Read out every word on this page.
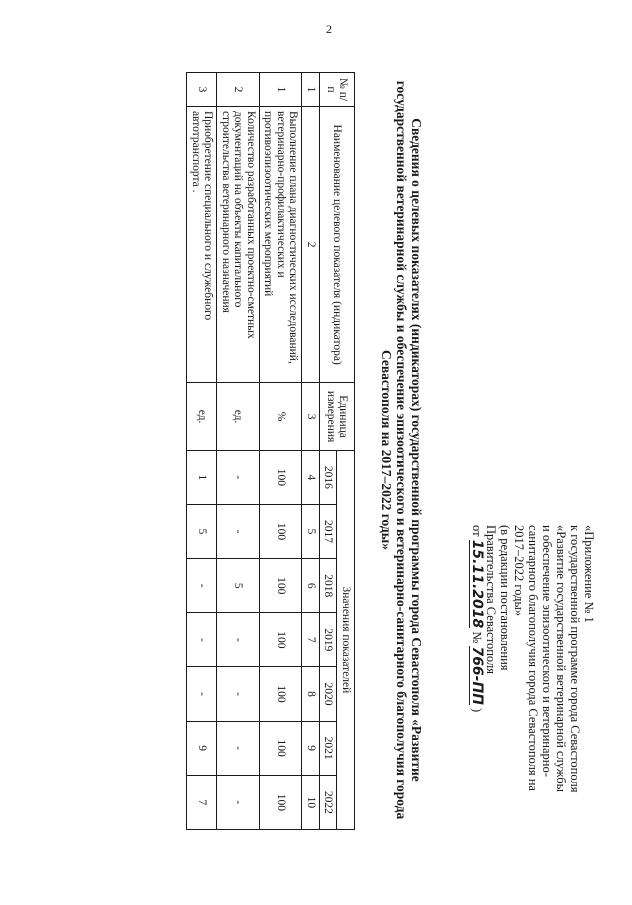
2
«Приложение № 1
к государственной программе города Севастополя
«Развитие государственной ветеринарной службы
и обеспечение эпизоотического и ветеринарно-
санитарного благополучия города Севастополя на
2017–2022 годы»
(в редакции постановления
Правительства Севастополя
от 15.11.2018 № 766-ПП )
Сведения о целевых показателях (индикаторах) государственной программы города Севастополя «Развитие государственной ветеринарной службы и обеспечение эпизоотического и ветеринарно-санитарного благополучия города Севастополя на 2017–2022 годы»
№ п/п	Наименование целевого показателя (индикатора)	Единица измерения	Значения показателей						
			2016	2017	2018	2019	2020	2021	2022
1	2	3	4	5	6	7	8	9	10
1	Выполнение плана диагностических исследований, ветеринарно-профилактических и противоэпизоотических мероприятий	%	100	100	100	100	100	100	100
2	Количество разработанных проектно-сметных документаций на объекты капитального строительства ветеринарного назначения	ед.	-	-	5	-	-	-	-
3	Приобретение специального и служебного автотранспорта .	ед.	1	5	-	-	-	9	7
